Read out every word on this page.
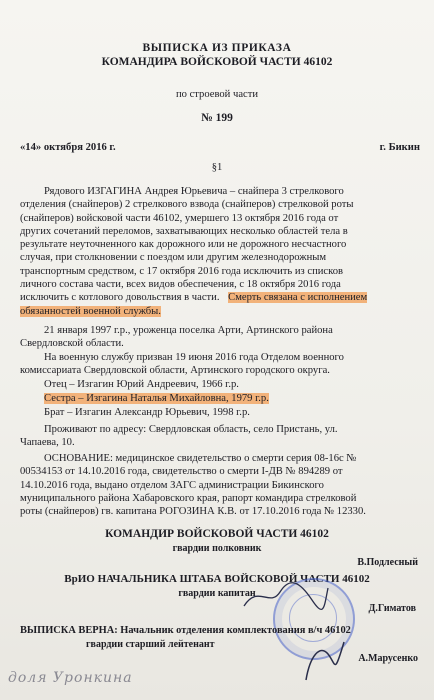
ВЫПИСКА ИЗ ПРИКАЗА
КОМАНДИРА ВОЙСКОВОЙ ЧАСТИ 46102
по строевой части
№ 199
«14» октября 2016 г.	г. Бикин
§1
Рядового ИЗГАГИНА Андрея Юрьевича – снайпера 3 стрелкового
отделения (снайперов) 2 стрелкового взвода (снайперов) стрелковой роты
(снайперов) войсковой части 46102, умершего 13 октября 2016 года от
других сочетаний переломов, захватывающих несколько областей тела в
результате неуточненного как дорожного или не дорожного несчастного
случая, при столкновении с поездом или другим железнодорожным
транспортным средством, с 17 октября 2016 года исключить из списков
личного состава части, всех видов обеспечения, с 18 октября 2016 года
исключить с котлового довольствия в части. Смерть связана с исполнением
обязанностей военной службы.
21 января 1997 г.р., уроженца поселка Арти, Артинского района
Свердловской области.
На военную службу призван 19 июня 2016 года Отделом военного
комиссариата Свердловской области, Артинского городского округа.
Отец – Изгагин Юрий Андреевич, 1966 г.р.
Сестра – Изгагина Наталья Михайловна, 1979 г.р.
Брат – Изгагин Александр Юрьевич, 1998 г.р.
Проживают по адресу: Свердловская область, село Пристань, ул.
Чапаева, 10.
ОСНОВАНИЕ: медицинское свидетельство о смерти серия 08-16с №
00534153 от 14.10.2016 года, свидетельство о смерти I-ДВ № 894289 от
14.10.2016 года, выдано отделом ЗАГС администрации Бикинского
муниципального района Хабаровского края, рапорт командира стрелковой
роты (снайперов) гв. капитана РОГОЗИНА К.В. от 17.10.2016 года № 12330.
КОМАНДИР ВОЙСКОВОЙ ЧАСТИ 46102
гвардии полковник
В.Подлесный
ВрИО НАЧАЛЬНИКА ШТАБА ВОЙСКОВОЙ ЧАСТИ 46102
гвардии капитан
Д.Гиматов
ВЫПИСКА ВЕРНА: Начальник отделения комплектования в/ч 46102
гвардии старший лейтенант
А.Марусенко
доля Уронкина
